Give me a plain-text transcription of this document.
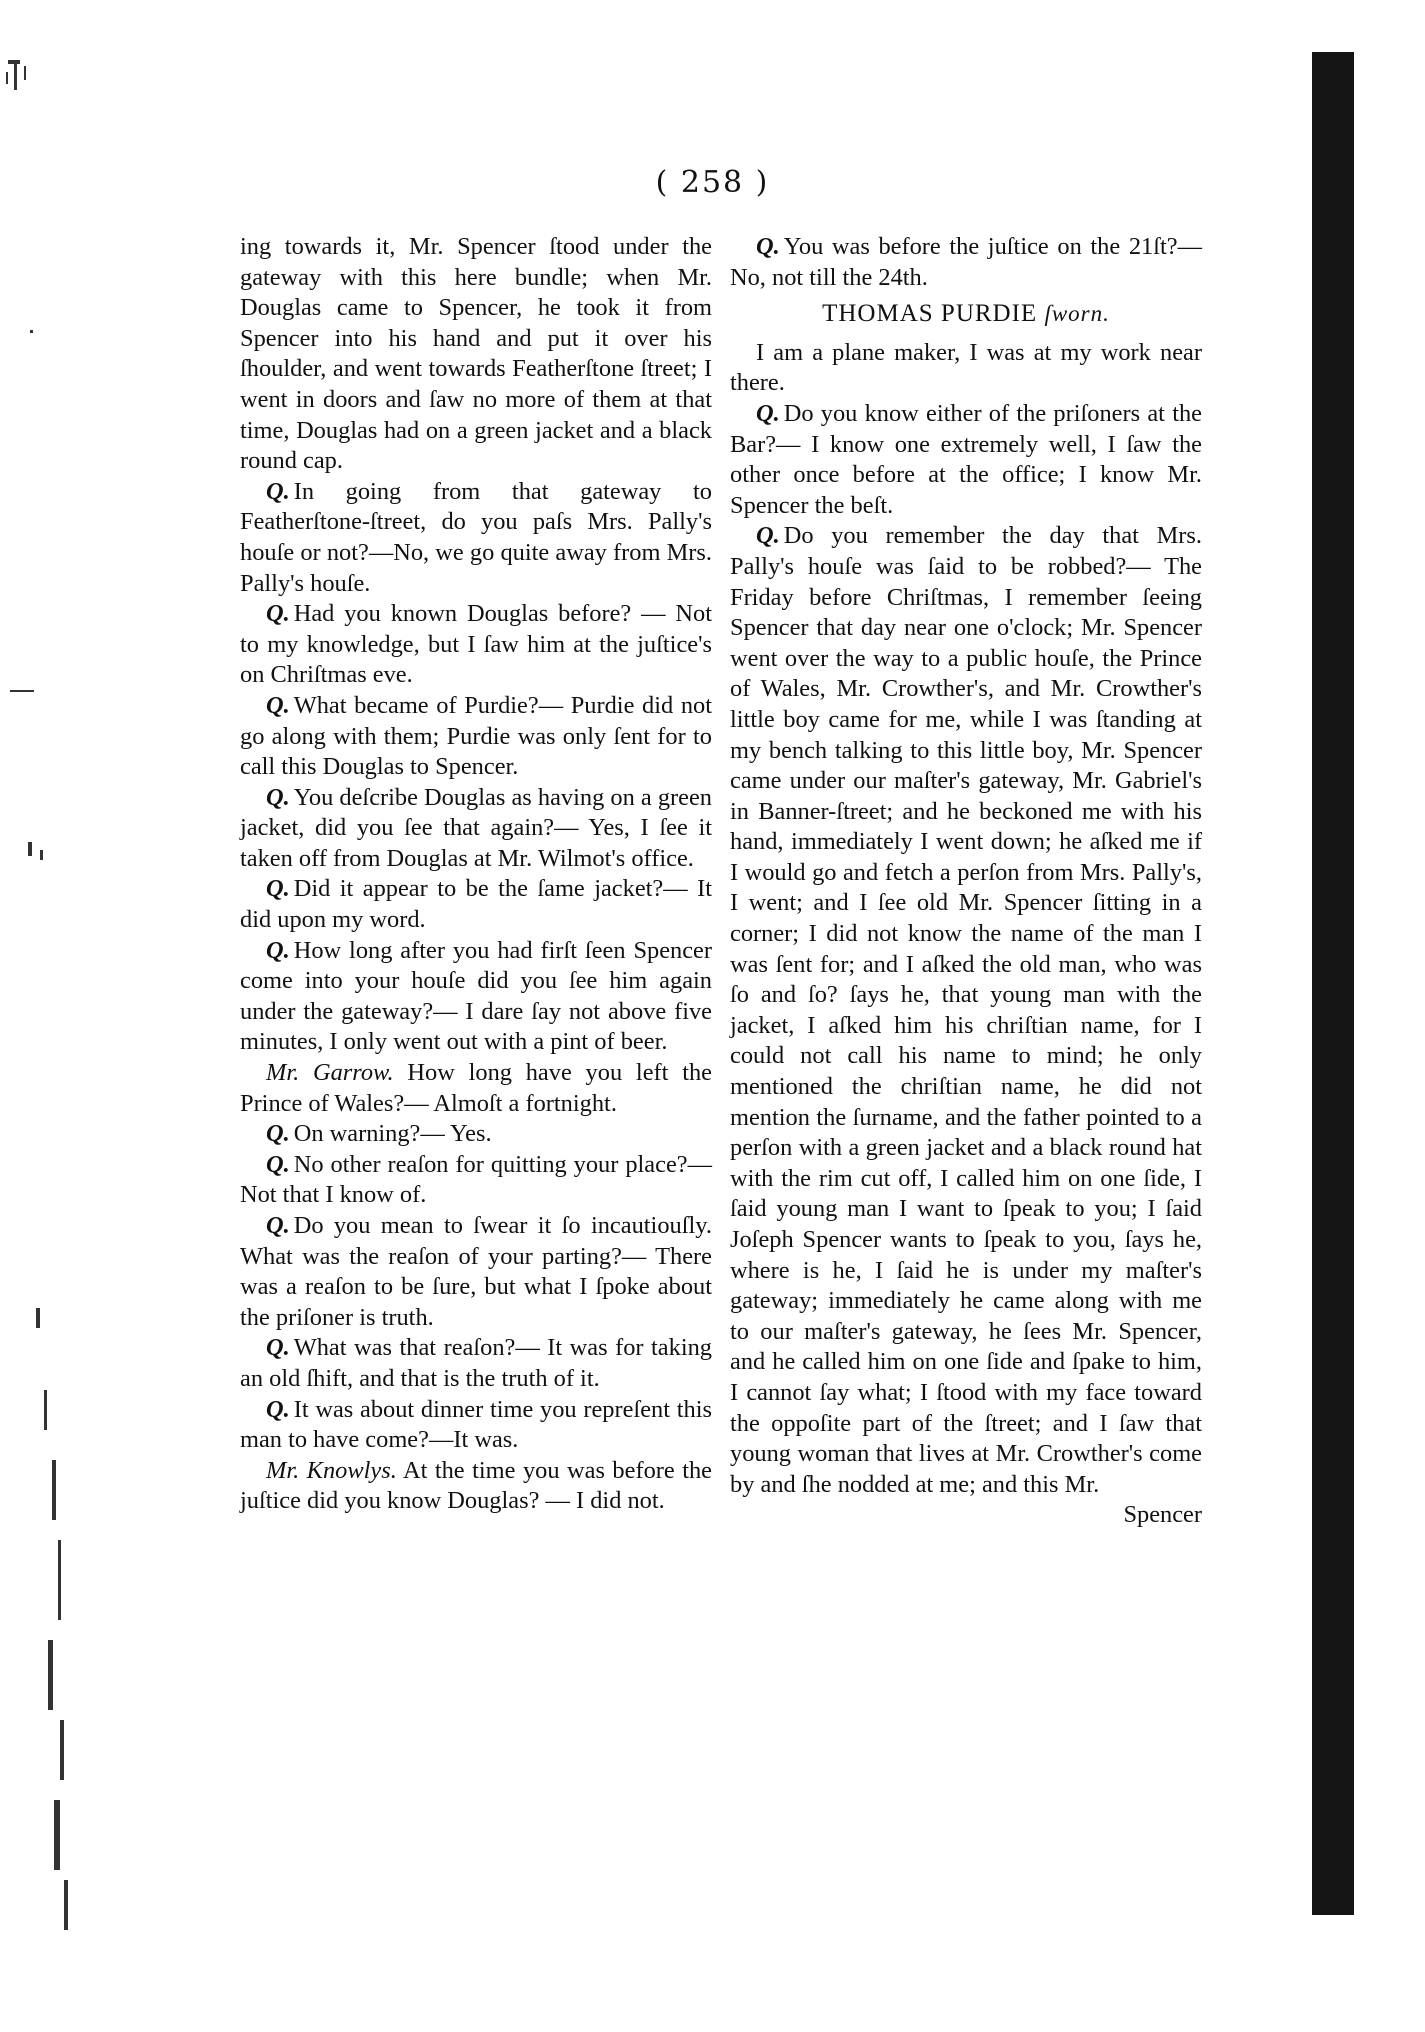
( 258 )

ing towards it, Mr. Spencer ſtood under the gateway with this here bundle; when Mr. Douglas came to Spencer, he took it from Spencer into his hand and put it over his ſhoulder, and went towards Featherſtone ſtreet; I went in doors and ſaw no more of them at that time, Douglas had on a green jacket and a black round cap.

Q. In going from that gateway to Featherſtone-ſtreet, do you paſs Mrs. Pally's houſe or not?—No, we go quite away from Mrs. Pally's houſe.

Q. Had you known Douglas before? — Not to my knowledge, but I ſaw him at the juſtice's on Chriſtmas eve.

Q. What became of Purdie?— Purdie did not go along with them; Purdie was only ſent for to call this Douglas to Spencer.

Q. You deſcribe Douglas as having on a green jacket, did you ſee that again?— Yes, I ſee it taken off from Douglas at Mr. Wilmot's office.

Q. Did it appear to be the ſame jacket?— It did upon my word.

Q. How long after you had firſt ſeen Spencer come into your houſe did you ſee him again under the gateway?— I dare ſay not above five minutes, I only went out with a pint of beer.

Mr. Garrow. How long have you left the Prince of Wales?— Almoſt a fortnight.

Q. On warning?— Yes.

Q. No other reaſon for quitting your place?— Not that I know of.

Q. Do you mean to ſwear it ſo incautiouſly. What was the reaſon of your parting?— There was a reaſon to be ſure, but what I ſpoke about the priſoner is truth.

Q. What was that reaſon?— It was for taking an old ſhift, and that is the truth of it.

Q. It was about dinner time you repreſent this man to have come?—It was.

Mr. Knowlys. At the time you was before the juſtice did you know Douglas? — I did not.

Q. You was before the juſtice on the 21ſt?— No, not till the 24th.

THOMAS PURDIE ſworn.

I am a plane maker, I was at my work near there.

Q. Do you know either of the priſoners at the Bar?— I know one extremely well, I ſaw the other once before at the office; I know Mr. Spencer the beſt.

Q. Do you remember the day that Mrs. Pally's houſe was ſaid to be robbed?— The Friday before Chriſtmas, I remember ſeeing Spencer that day near one o'clock; Mr. Spencer went over the way to a public houſe, the Prince of Wales, Mr. Crowther's, and Mr. Crowther's little boy came for me, while I was ſtanding at my bench talking to this little boy, Mr. Spencer came under our maſter's gateway, Mr. Gabriel's in Banner-ſtreet; and he beckoned me with his hand, immediately I went down; he aſked me if I would go and fetch a perſon from Mrs. Pally's, I went; and I ſee old Mr. Spencer ſitting in a corner; I did not know the name of the man I was ſent for; and I aſked the old man, who was ſo and ſo? ſays he, that young man with the jacket, I aſked him his chriſtian name, for I could not call his name to mind; he only mentioned the chriſtian name, he did not mention the ſurname, and the father pointed to a perſon with a green jacket and a black round hat with the rim cut off, I called him on one ſide, I ſaid young man I want to ſpeak to you; I ſaid Joſeph Spencer wants to ſpeak to you, ſays he, where is he, I ſaid he is under my maſter's gateway; immediately he came along with me to our maſter's gateway, he ſees Mr. Spencer, and he called him on one ſide and ſpake to him, I cannot ſay what; I ſtood with my face toward the oppoſite part of the ſtreet; and I ſaw that young woman that lives at Mr. Crowther's come by and ſhe nodded at me; and this Mr.

Spencer
